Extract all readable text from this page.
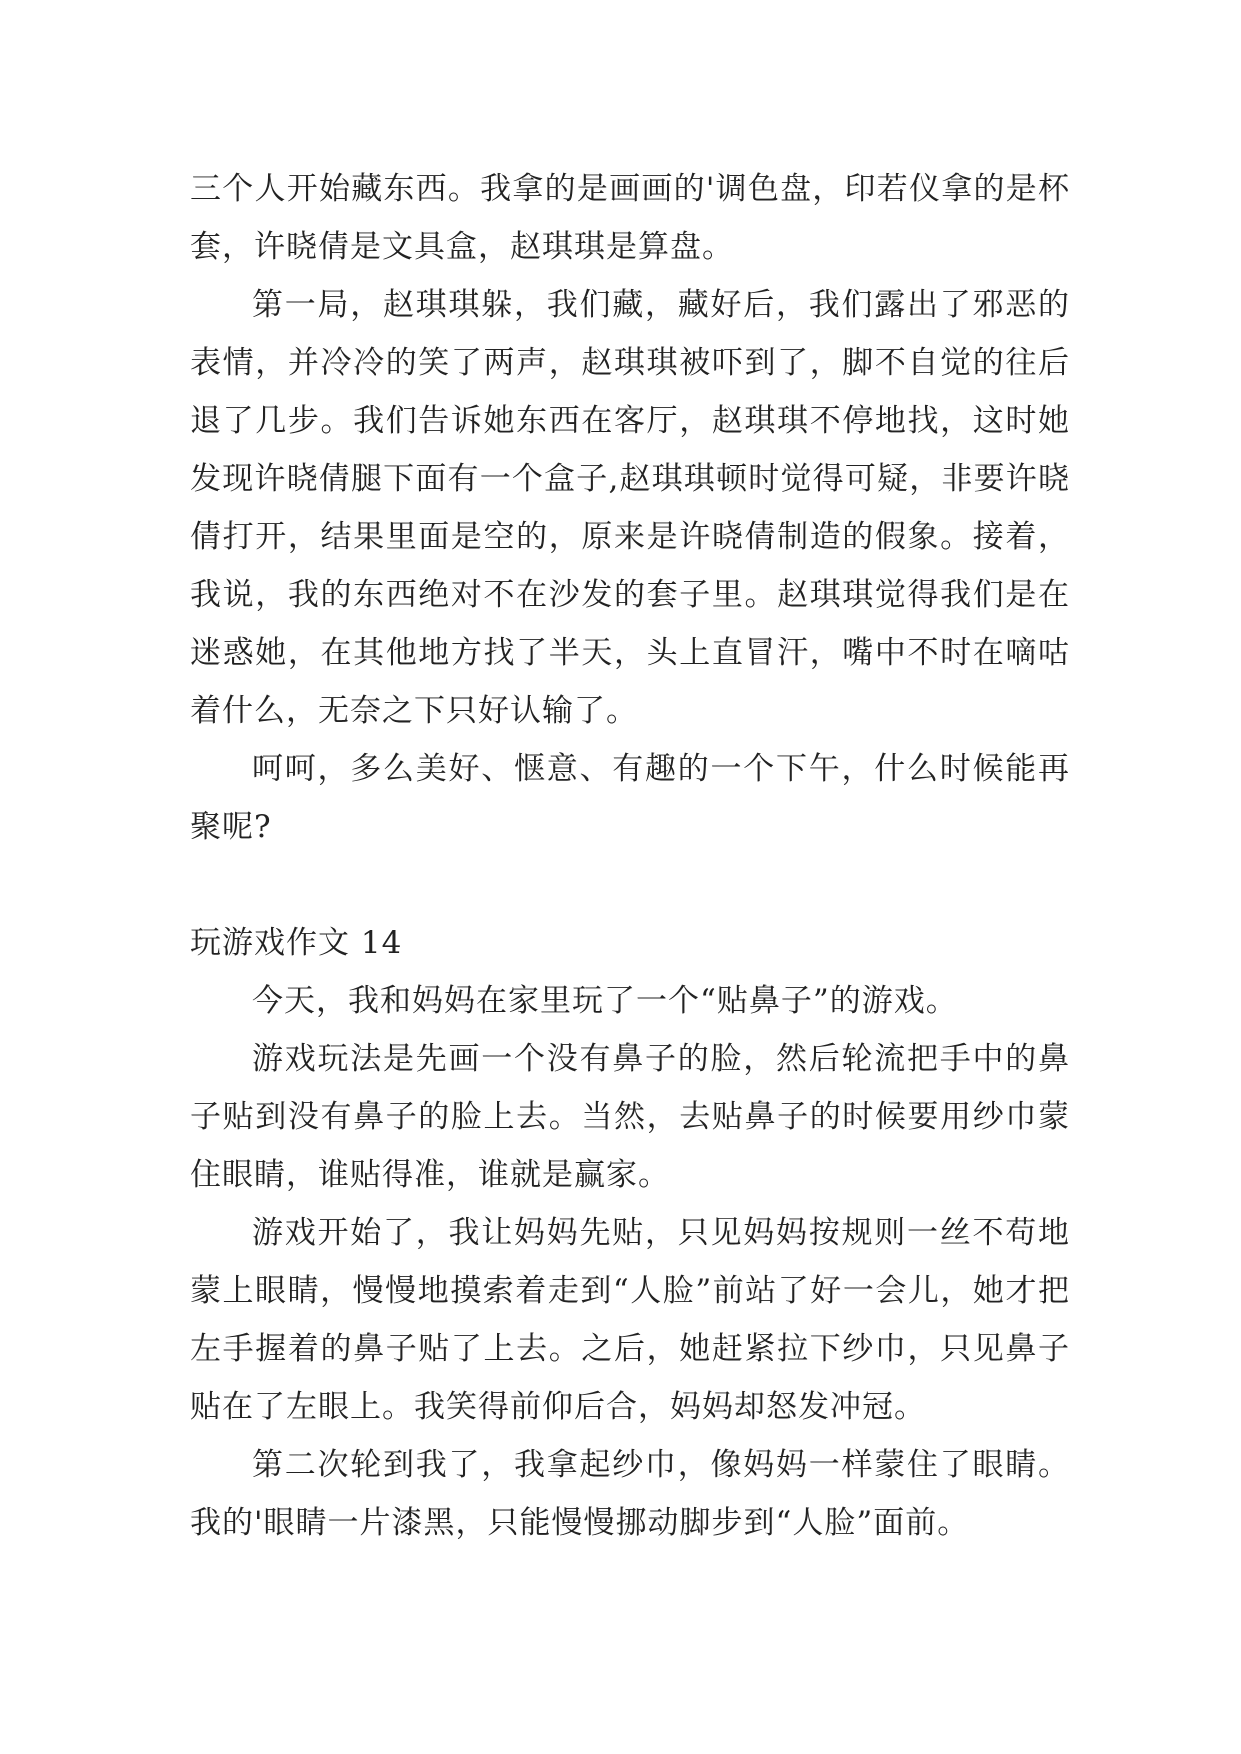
三个人开始藏东西。我拿的是画画的'调色盘，印若仪拿的是杯套，许晓倩是文具盒，赵琪琪是算盘。

第一局，赵琪琪躲，我们藏，藏好后，我们露出了邪恶的表情，并冷冷的笑了两声，赵琪琪被吓到了，脚不自觉的往后退了几步。我们告诉她东西在客厅，赵琪琪不停地找，这时她发现许晓倩腿下面有一个盒子,赵琪琪顿时觉得可疑，非要许晓倩打开，结果里面是空的，原来是许晓倩制造的假象。接着，我说，我的东西绝对不在沙发的套子里。赵琪琪觉得我们是在迷惑她，在其他地方找了半天，头上直冒汗，嘴中不时在嘀咕着什么，无奈之下只好认输了。

呵呵，多么美好、惬意、有趣的一个下午，什么时候能再聚呢?

玩游戏作文 14

今天，我和妈妈在家里玩了一个“贴鼻子”的游戏。

游戏玩法是先画一个没有鼻子的脸，然后轮流把手中的鼻子贴到没有鼻子的脸上去。当然，去贴鼻子的时候要用纱巾蒙住眼睛，谁贴得准，谁就是赢家。

游戏开始了，我让妈妈先贴，只见妈妈按规则一丝不苟地蒙上眼睛，慢慢地摸索着走到“人脸”前站了好一会儿，她才把左手握着的鼻子贴了上去。之后，她赶紧拉下纱巾，只见鼻子贴在了左眼上。我笑得前仰后合，妈妈却怒发冲冠。

第二次轮到我了，我拿起纱巾，像妈妈一样蒙住了眼睛。我的'眼睛一片漆黑，只能慢慢挪动脚步到“人脸”面前。
